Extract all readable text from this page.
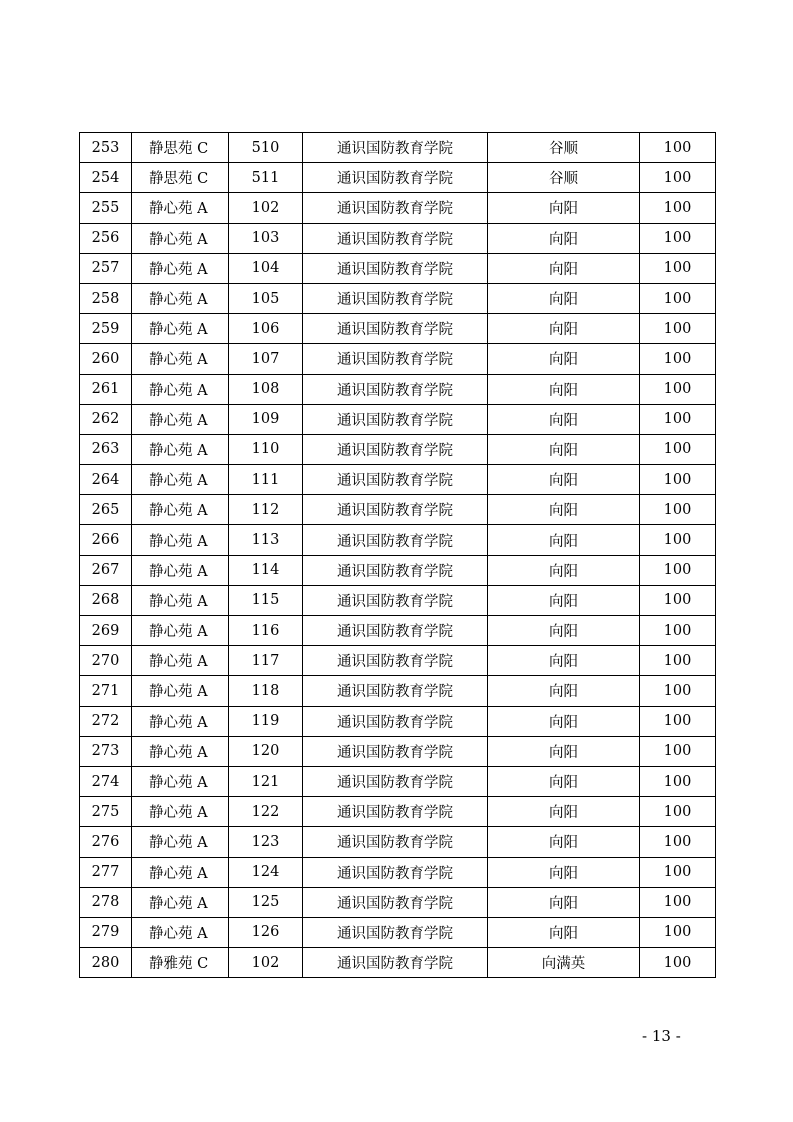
253	静思苑 C	510	通识国防教育学院	谷顺	100
254	静思苑 C	511	通识国防教育学院	谷顺	100
255	静心苑 A	102	通识国防教育学院	向阳	100
256	静心苑 A	103	通识国防教育学院	向阳	100
257	静心苑 A	104	通识国防教育学院	向阳	100
258	静心苑 A	105	通识国防教育学院	向阳	100
259	静心苑 A	106	通识国防教育学院	向阳	100
260	静心苑 A	107	通识国防教育学院	向阳	100
261	静心苑 A	108	通识国防教育学院	向阳	100
262	静心苑 A	109	通识国防教育学院	向阳	100
263	静心苑 A	110	通识国防教育学院	向阳	100
264	静心苑 A	111	通识国防教育学院	向阳	100
265	静心苑 A	112	通识国防教育学院	向阳	100
266	静心苑 A	113	通识国防教育学院	向阳	100
267	静心苑 A	114	通识国防教育学院	向阳	100
268	静心苑 A	115	通识国防教育学院	向阳	100
269	静心苑 A	116	通识国防教育学院	向阳	100
270	静心苑 A	117	通识国防教育学院	向阳	100
271	静心苑 A	118	通识国防教育学院	向阳	100
272	静心苑 A	119	通识国防教育学院	向阳	100
273	静心苑 A	120	通识国防教育学院	向阳	100
274	静心苑 A	121	通识国防教育学院	向阳	100
275	静心苑 A	122	通识国防教育学院	向阳	100
276	静心苑 A	123	通识国防教育学院	向阳	100
277	静心苑 A	124	通识国防教育学院	向阳	100
278	静心苑 A	125	通识国防教育学院	向阳	100
279	静心苑 A	126	通识国防教育学院	向阳	100
280	静雅苑 C	102	通识国防教育学院	向满英	100
- 13 -
